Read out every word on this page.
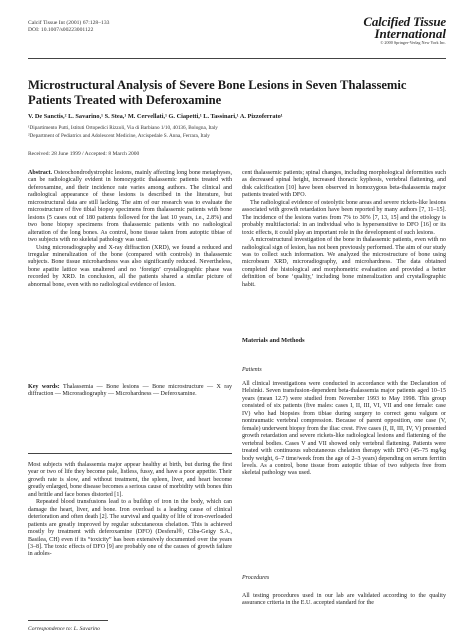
Calcif Tissue Int (2001) 67:128–133
DOI: 10.1007/s00223001122
Calcified Tissue
International
© 2000 Springer-Verlag New York Inc.
Microstructural Analysis of Severe Bone Lesions in Seven Thalassemic Patients Treated with Deferoxamine
V. De Sanctis,² L. Savarino,¹ S. Stea,¹ M. Cervellati,¹ G. Ciapetti,¹ L. Tassinari,¹ A. Pizzoferrato¹
¹Dipartimento Putti, Istituti Ortopedici Rizzoli, Via di Barbiano 1/10, 40136, Bologna, Italy
²Department of Pediatrics and Adolescent Medicine, Arcispedale S. Anna, Ferrara, Italy
Received: 28 June 1999 / Accepted: 8 March 2000

Abstract. Osteochondrodystrophic lesions, mainly affecting long bone metaphyses, can be radiologically evident in homozygotic thalassemic patients treated with deferoxamine, and their incidence rate varies among authors. The clinical and radiological appearance of these lesions is described in the literature, but microstructural data are still lacking. The aim of our research was to evaluate the microstructure of five tibial biopsy specimens from thalassemic patients with bone lesions (5 cases out of 180 patients followed for the last 10 years, i.e., 2.8%) and two bone biopsy specimens from thalassemic patients with no radiological alteration of the long bones. As control, bone tissue taken from autoptic tibiae of two subjects with no skeletal pathology was used.

Using microradiography and X-ray diffraction (XRD), we found a reduced and irregular mineralization of the bone (compared with controls) in thalassemic subjects. Bone tissue microhardness was also significantly reduced. Nevertheless, bone apatite lattice was unaltered and no ‘foreign’ crystallographic phase was recorded by XRD. In conclusion, all the patients shared a similar picture of abnormal bone, even with no radiological evidence of lesion.

Key words: Thalassemia — Bone lesions — Bone microstructure — X ray diffraction — Microradiography — Microhardness — Deferoxamine.

Most subjects with thalassemia major appear healthy at birth, but during the first year or two of life they become pale, listless, fussy, and have a poor appetite. Their growth rate is slow, and without treatment, the spleen, liver, and heart become greatly enlarged, bone disease becomes a serious cause of morbidity with bones thin and brittle and face bones distorted [1].

Repeated blood transfusions lead to a buildup of iron in the body, which can damage the heart, liver, and bone. Iron overload is a leading cause of clinical deterioration and often death [2]. The survival and quality of life of iron-overloaded patients are greatly improved by regular subcutaneous chelation. This is achieved mostly by treatment with deferoxamine (DFO) (Desferal®, Ciba-Geigy S.A., Basilea, CH) even if its “toxicity” has been extensively documented over the years [3–8]. The toxic effects of DFO [9] are probably one of the causes of growth failure in adoles-

Correspondence to: L. Savarino

cent thalassemic patients; spinal changes, including morphological deformities such as decreased spinal height, increased thoracic kyphosis, vertebral flattening, and disk calcification [10] have been observed in homozygous beta-thalassemia major patients treated with DFO.

The radiological evidence of osteolytic bone areas and severe rickets-like lesions associated with growth retardation have been reported by many authors [7, 11–15]. The incidence of the lesions varies from 7% to 30% [7, 13, 15] and the etiology is probably multifactorial: in an individual who is hypersensitive to DFO [16] or its toxic effects, it could play an important role in the development of such lesions.

A microstructural investigation of the bone in thalassemic patients, even with no radiological sign of lesion, has not been previously performed. The aim of our study was to collect such information. We analyzed the microstructure of bone using microbeam XRD, microradiography, and microhardness. The data obtained completed the histological and morphometric evaluation and provided a better definition of bone ‘quality,’ including bone mineralization and crystallographic habit.

Materials and Methods
Patients

All clinical investigations were conducted in accordance with the Declaration of Helsinki. Seven transfusion-dependent beta-thalassemia major patients aged 10–15 years (mean 12.7) were studied from November 1993 to May 1998. This group consisted of six patients (five males: cases I, II, III, VI, VII and one female: case IV) who had biopsies from tibiae during surgery to correct genu valgum or nontraumatic vertebral compression. Because of parent opposition, one case (V, female) underwent biopsy from the iliac crest. Five cases (I, II, III, IV, V) presented growth retardation and severe rickets-like radiological lesions and flattening of the vertebral bodies. Cases V and VII showed only vertebral flattening. Patients were treated with continuous subcutaneous chelation therapy with DFO (45–75 mg/kg body weight, 6–7 time/week from the age of 2–3 years) depending on serum ferritin levels. As a control, bone tissue from autoptic tibiae of two subjects free from skeletal pathology was used.

Procedures

All testing procedures used in our lab are validated according to the quality assurance criteria in the E.U. accepted standard for the
